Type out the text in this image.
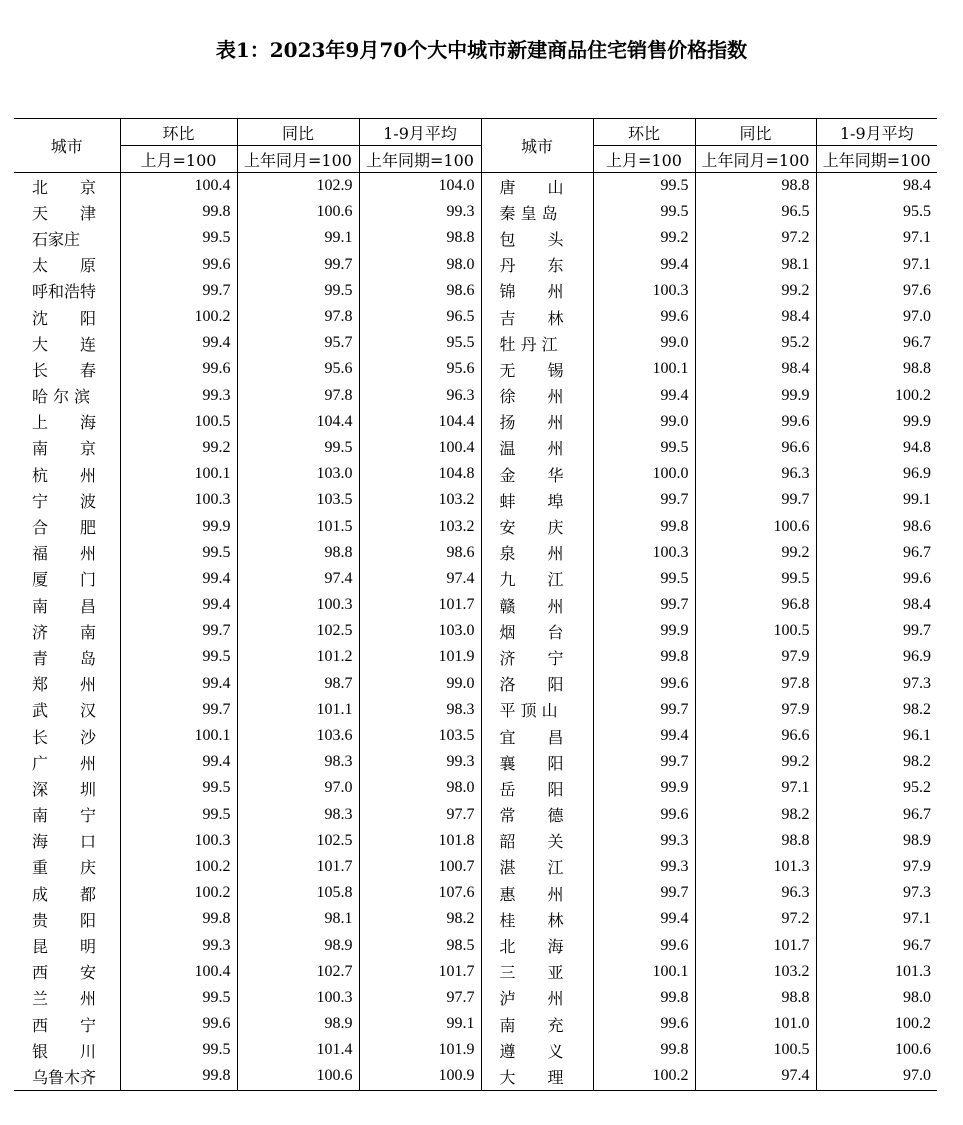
表1：2023年9月70个大中城市新建商品住宅销售价格指数
城市	环比	同比	1-9月平均	城市	环比	同比	1-9月平均
	上月=100	上年同月=100	上年同期=100		上月=100	上年同月=100	上年同期=100
北　　京	100.4	102.9	104.0	唐　　山	99.5	98.8	98.4
天　　津	99.8	100.6	99.3	秦 皇 岛	99.5	96.5	95.5
石家庄	99.5	99.1	98.8	包　　头	99.2	97.2	97.1
太　　原	99.6	99.7	98.0	丹　　东	99.4	98.1	97.1
呼和浩特	99.7	99.5	98.6	锦　　州	100.3	99.2	97.6
沈　　阳	100.2	97.8	96.5	吉　　林	99.6	98.4	97.0
大　　连	99.4	95.7	95.5	牡 丹 江	99.0	95.2	96.7
长　　春	99.6	95.6	95.6	无　　锡	100.1	98.4	98.8
哈 尔 滨	99.3	97.8	96.3	徐　　州	99.4	99.9	100.2
上　　海	100.5	104.4	104.4	扬　　州	99.0	99.6	99.9
南　　京	99.2	99.5	100.4	温　　州	99.5	96.6	94.8
杭　　州	100.1	103.0	104.8	金　　华	100.0	96.3	96.9
宁　　波	100.3	103.5	103.2	蚌　　埠	99.7	99.7	99.1
合　　肥	99.9	101.5	103.2	安　　庆	99.8	100.6	98.6
福　　州	99.5	98.8	98.6	泉　　州	100.3	99.2	96.7
厦　　门	99.4	97.4	97.4	九　　江	99.5	99.5	99.6
南　　昌	99.4	100.3	101.7	赣　　州	99.7	96.8	98.4
济　　南	99.7	102.5	103.0	烟　　台	99.9	100.5	99.7
青　　岛	99.5	101.2	101.9	济　　宁	99.8	97.9	96.9
郑　　州	99.4	98.7	99.0	洛　　阳	99.6	97.8	97.3
武　　汉	99.7	101.1	98.3	平 顶 山	99.7	97.9	98.2
长　　沙	100.1	103.6	103.5	宜　　昌	99.4	96.6	96.1
广　　州	99.4	98.3	99.3	襄　　阳	99.7	99.2	98.2
深　　圳	99.5	97.0	98.0	岳　　阳	99.9	97.1	95.2
南　　宁	99.5	98.3	97.7	常　　德	99.6	98.2	96.7
海　　口	100.3	102.5	101.8	韶　　关	99.3	98.8	98.9
重　　庆	100.2	101.7	100.7	湛　　江	99.3	101.3	97.9
成　　都	100.2	105.8	107.6	惠　　州	99.7	96.3	97.3
贵　　阳	99.8	98.1	98.2	桂　　林	99.4	97.2	97.1
昆　　明	99.3	98.9	98.5	北　　海	99.6	101.7	96.7
西　　安	100.4	102.7	101.7	三　　亚	100.1	103.2	101.3
兰　　州	99.5	100.3	97.7	泸　　州	99.8	98.8	98.0
西　　宁	99.6	98.9	99.1	南　　充	99.6	101.0	100.2
银　　川	99.5	101.4	101.9	遵　　义	99.8	100.5	100.6
乌鲁木齐	99.8	100.6	100.9	大　　理	100.2	97.4	97.0
